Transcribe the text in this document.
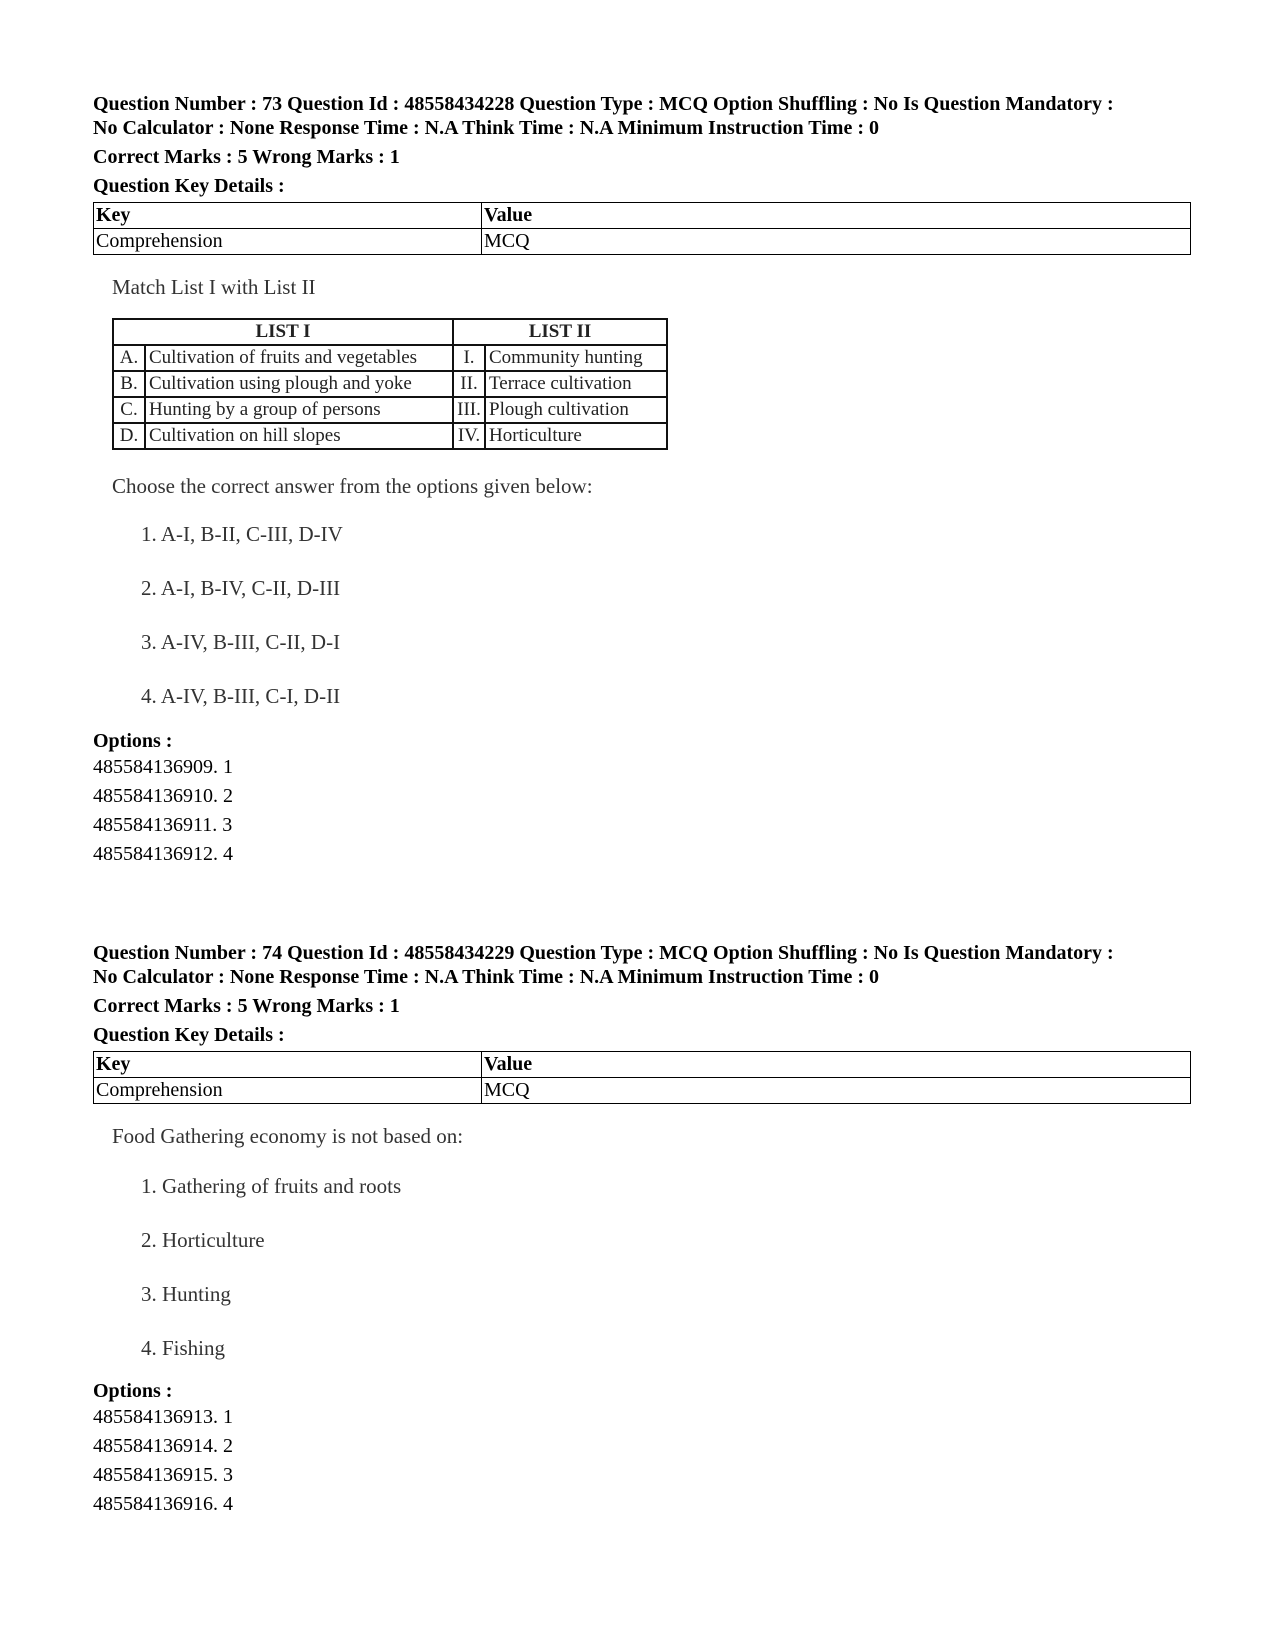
Question Number : 73 Question Id : 48558434228 Question Type : MCQ Option Shuffling : No Is Question Mandatory :

No Calculator : None Response Time : N.A Think Time : N.A Minimum Instruction Time : 0

Correct Marks : 5 Wrong Marks : 1
Question Key Details :
Key	Value
Comprehension	MCQ

Match List I with List II

LIST I		LIST II	
A.	Cultivation of fruits and vegetables	I.	Community hunting
B.	Cultivation using plough and yoke	II.	Terrace cultivation
C.	Hunting by a group of persons	III.	Plough cultivation
D.	Cultivation on hill slopes	IV.	Horticulture

Choose the correct answer from the options given below:

1. A-I, B-II, C-III, D-IV
2. A-I, B-IV, C-II, D-III
3. A-IV, B-III, C-II, D-I
4. A-IV, B-III, C-I, D-II
Options :
485584136909. 1
485584136910. 2
485584136911. 3
485584136912. 4

Question Number : 74 Question Id : 48558434229 Question Type : MCQ Option Shuffling : No Is Question Mandatory :

No Calculator : None Response Time : N.A Think Time : N.A Minimum Instruction Time : 0

Correct Marks : 5 Wrong Marks : 1
Question Key Details :
Key	Value
Comprehension	MCQ

Food Gathering economy is not based on:

1. Gathering of fruits and roots
2. Horticulture
3. Hunting
4. Fishing
Options :
485584136913. 1
485584136914. 2
485584136915. 3
485584136916. 4
